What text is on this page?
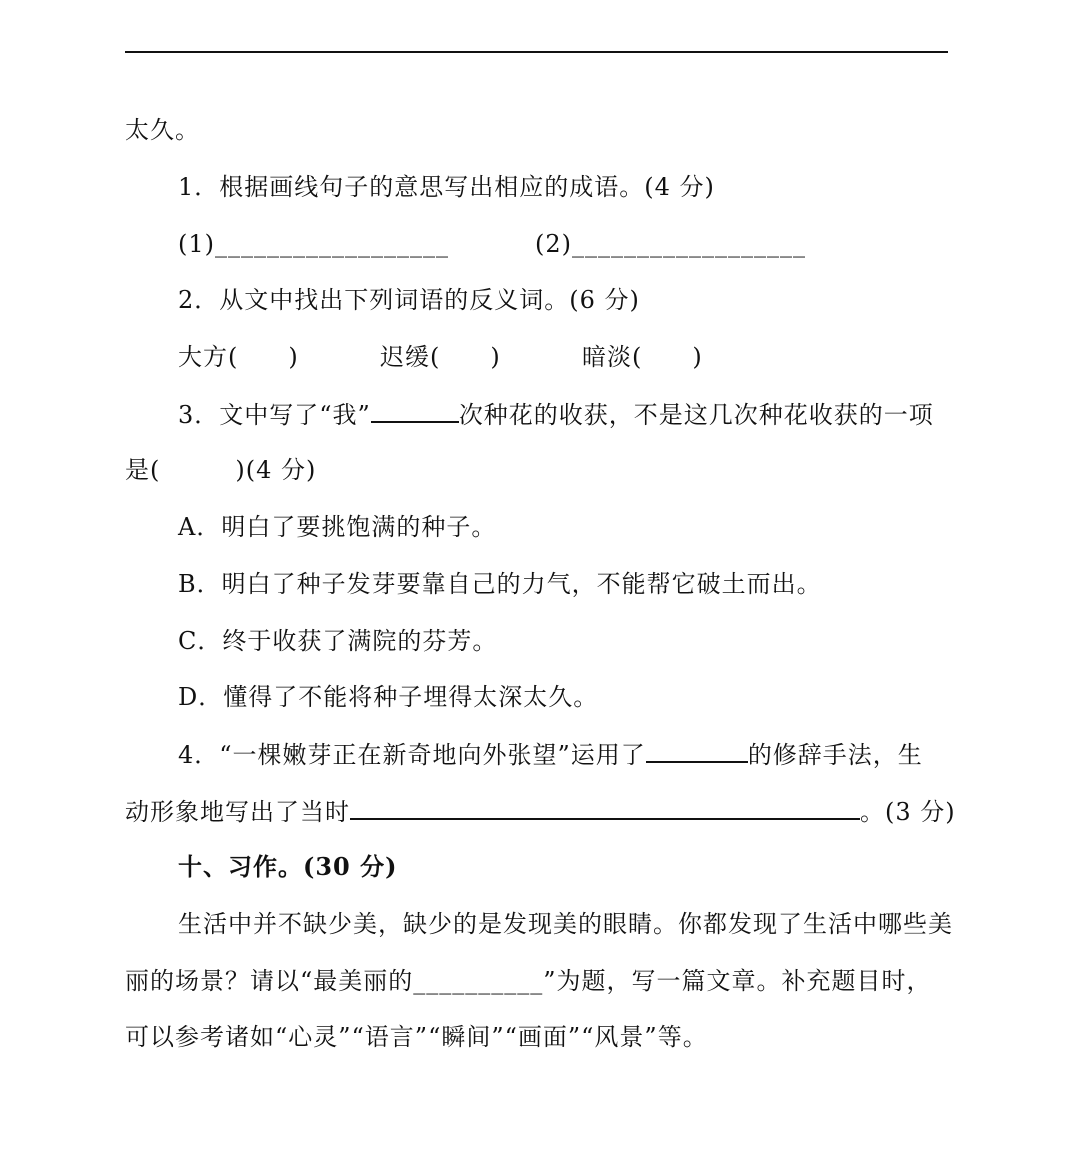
太久。
1．根据画线句子的意思写出相应的成语。(4 分)
(1)__________________	(2)__________________
2．从文中找出下列词语的反义词。(6 分)
大方(　　)	迟缓(　　)	暗淡(　　)
3．文中写了“我”	次种花的收获，不是这几次种花收获的一项
是(　　　)(4 分)
A．明白了要挑饱满的种子。
B．明白了种子发芽要靠自己的力气，不能帮它破土而出。
C．终于收获了满院的芬芳。
D．懂得了不能将种子埋得太深太久。
4．“一棵嫩芽正在新奇地向外张望”运用了	的修辞手法，生
动形象地写出了当时	。(3 分)
十、习作。(30 分)
生活中并不缺少美，缺少的是发现美的眼睛。你都发现了生活中哪些美
丽的场景？请以“最美丽的__________”为题，写一篇文章。补充题目时，
可以参考诸如“心灵”“语言”“瞬间”“画面”“风景”等。
